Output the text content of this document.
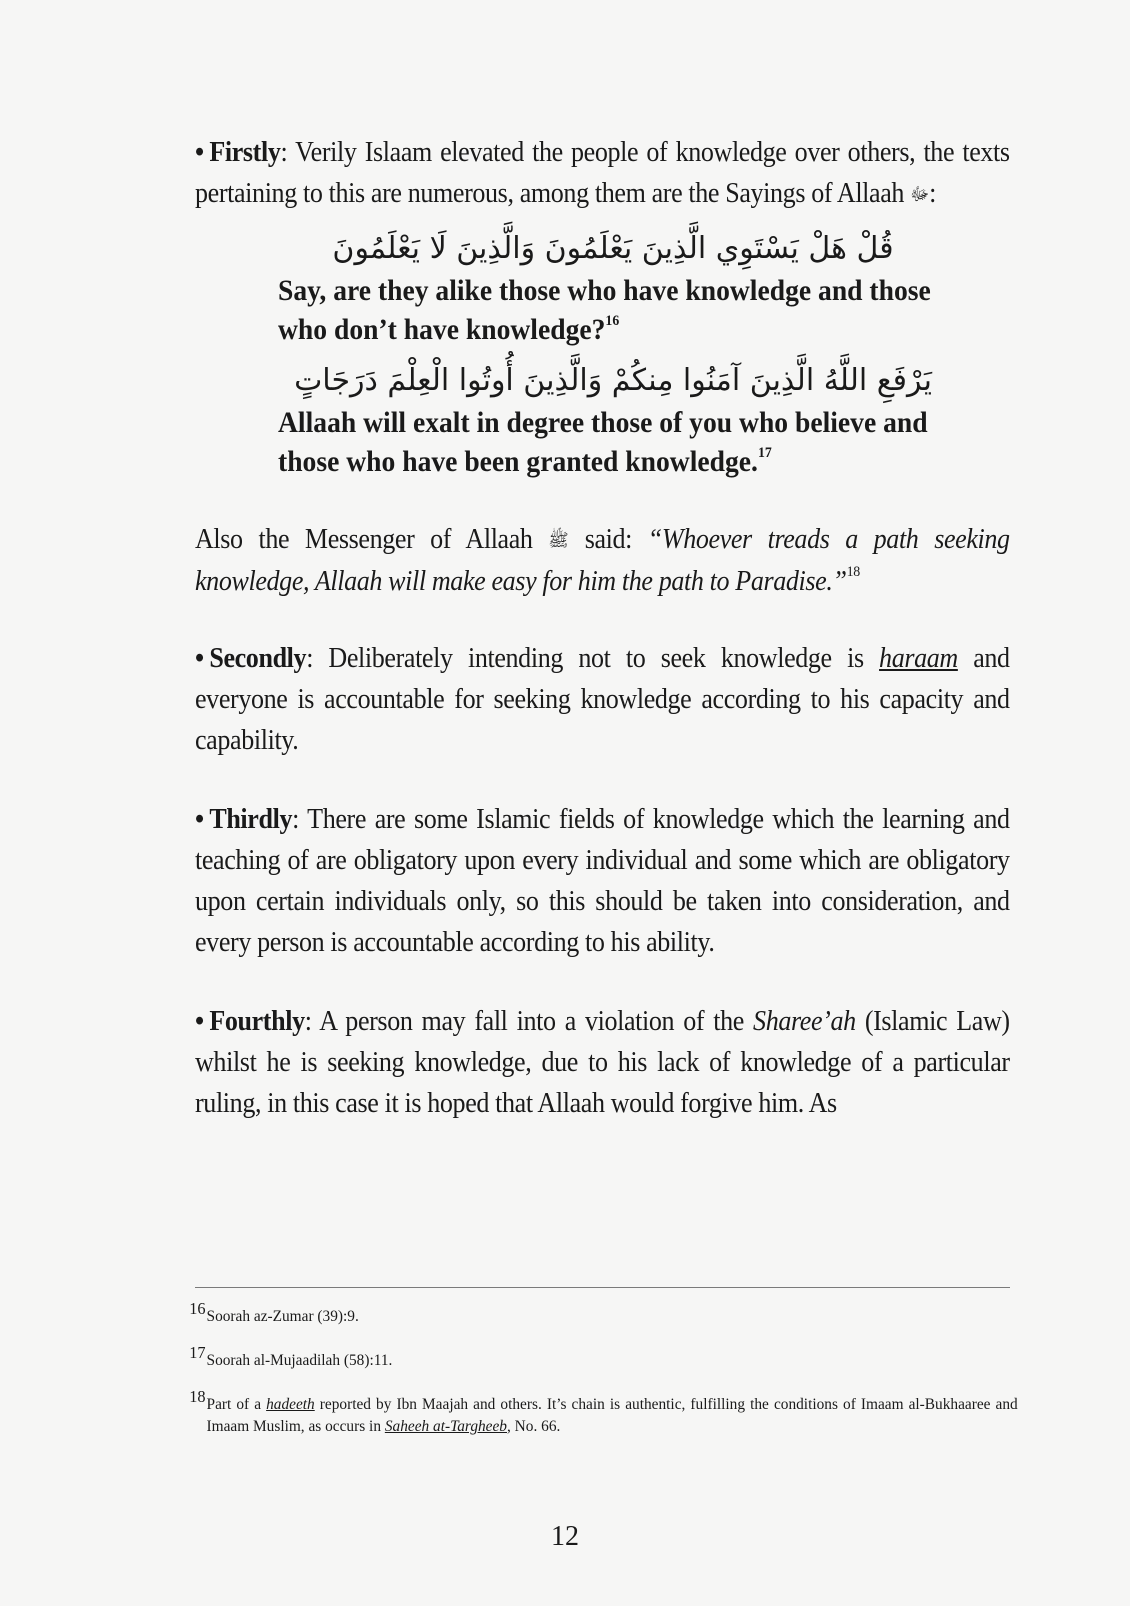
• Firstly: Verily Islaam elevated the people of knowledge over others, the texts pertaining to this are numerous, among them are the Sayings of Allaah ﷻ:

قُلْ هَلْ يَسْتَوِي الَّذِينَ يَعْلَمُونَ وَالَّذِينَ لَا يَعْلَمُونَ

Say, are they alike those who have knowledge and those who don’t have knowledge?$^{16}$

يَرْفَعِ اللَّهُ الَّذِينَ آمَنُوا مِنكُمْ وَالَّذِينَ أُوتُوا الْعِلْمَ دَرَجَاتٍ

Allaah will exalt in degree those of you who believe and those who have been granted knowledge.$^{17}$

Also the Messenger of Allaah ﷺ said: “Whoever treads a path seeking knowledge, Allaah will make easy for him the path to Paradise.”$^{18}$

• Secondly: Deliberately intending not to seek knowledge is haraam and everyone is accountable for seeking knowledge according to his capacity and capability.

• Thirdly: There are some Islamic fields of knowledge which the learning and teaching of are obligatory upon every individual and some which are obligatory upon certain individuals only, so this should be taken into consideration, and every person is accountable according to his ability.

• Fourthly: A person may fall into a violation of the Sharee’ah (Islamic Law) whilst he is seeking knowledge, due to his lack of knowledge of a particular ruling, in this case it is hoped that Allaah would forgive him. As

16 Soorah az-Zumar (39):9.

17 Soorah al-Mujaadilah (58):11.

18 Part of a hadeeth reported by Ibn Maajah and others. It’s chain is authentic, fulfilling the conditions of Imaam al-Bukhaaree and Imaam Muslim, as occurs in Saheeh at-Targheeb, No. 66.

12
